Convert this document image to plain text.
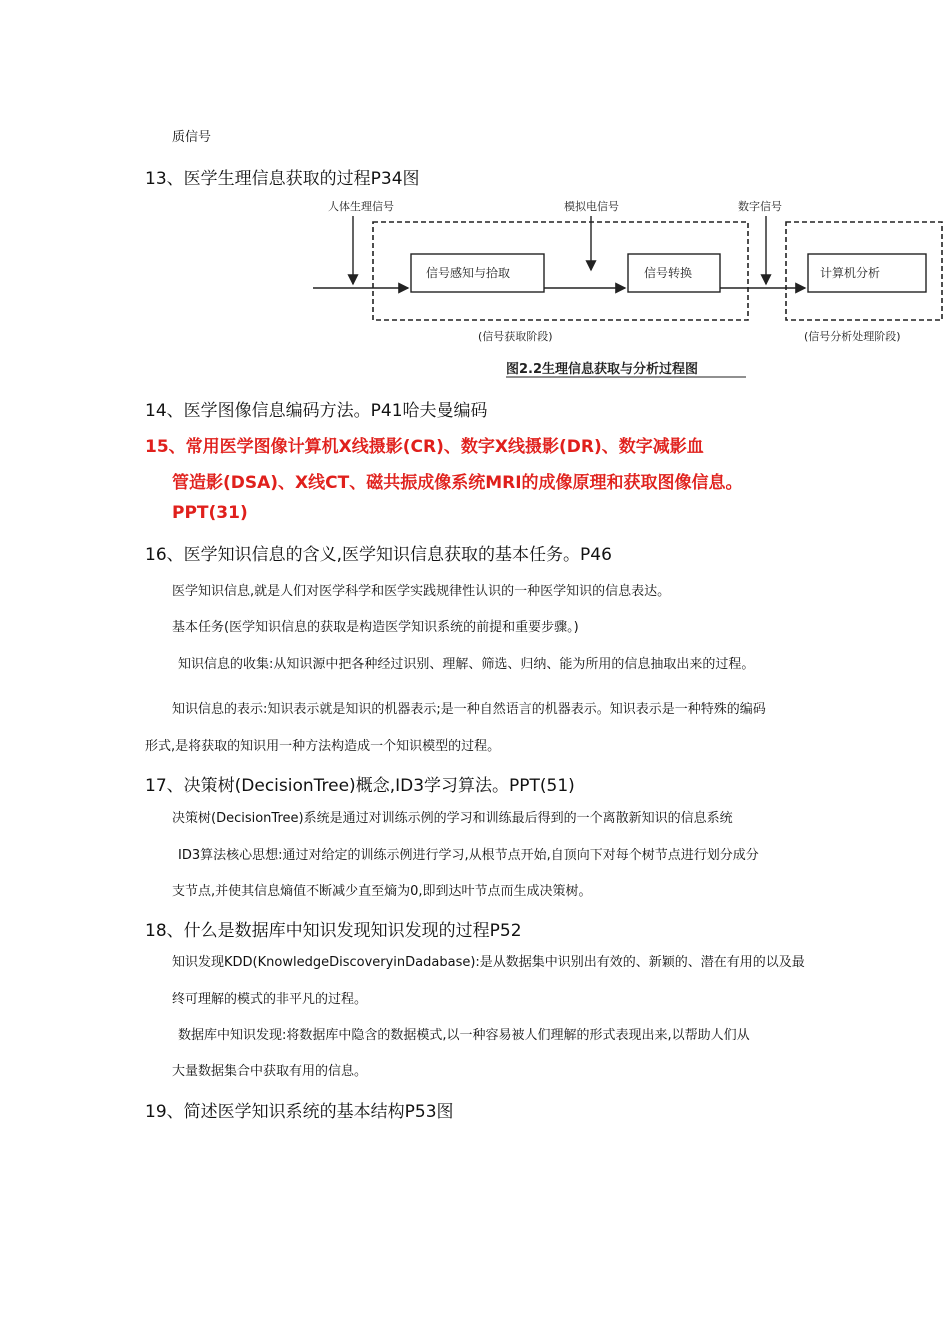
质信号
13、医学生理信息获取的过程P34图
人体生理信号	模拟电信号	数字信号
信号感知与拾取	信号转换	计算机分析
(信号获取阶段)	(信号分析处理阶段)
图2.2生理信息获取与分析过程图
14、医学图像信息编码方法。P41哈夫曼编码
15、常用医学图像计算机X线摄影(CR)、数字X线摄影(DR)、数字减影血
管造影(DSA)、X线CT、磁共振成像系统MRI的成像原理和获取图像信息。
PPT(31)
16、医学知识信息的含义,医学知识信息获取的基本任务。P46
医学知识信息,就是人们对医学科学和医学实践规律性认识的一种医学知识的信息表达。
基本任务(医学知识信息的获取是构造医学知识系统的前提和重要步骤。)
知识信息的收集:从知识源中把各种经过识别、理解、筛选、归纳、能为所用的信息抽取出来的过程。
知识信息的表示:知识表示就是知识的机器表示;是一种自然语言的机器表示。知识表示是一种特殊的编码
形式,是将获取的知识用一种方法构造成一个知识模型的过程。
17、决策树(DecisionTree)概念,ID3学习算法。PPT(51)
决策树(DecisionTree)系统是通过对训练示例的学习和训练最后得到的一个离散新知识的信息系统
ID3算法核心思想:通过对给定的训练示例进行学习,从根节点开始,自顶向下对每个树节点进行划分成分
支节点,并使其信息熵值不断减少直至熵为0,即到达叶节点而生成决策树。
18、什么是数据库中知识发现知识发现的过程P52
知识发现KDD(KnowledgeDiscoveryinDadabase):是从数据集中识别出有效的、新颖的、潜在有用的以及最
终可理解的模式的非平凡的过程。
数据库中知识发现:将数据库中隐含的数据模式,以一种容易被人们理解的形式表现出来,以帮助人们从
大量数据集合中获取有用的信息。
19、简述医学知识系统的基本结构P53图
